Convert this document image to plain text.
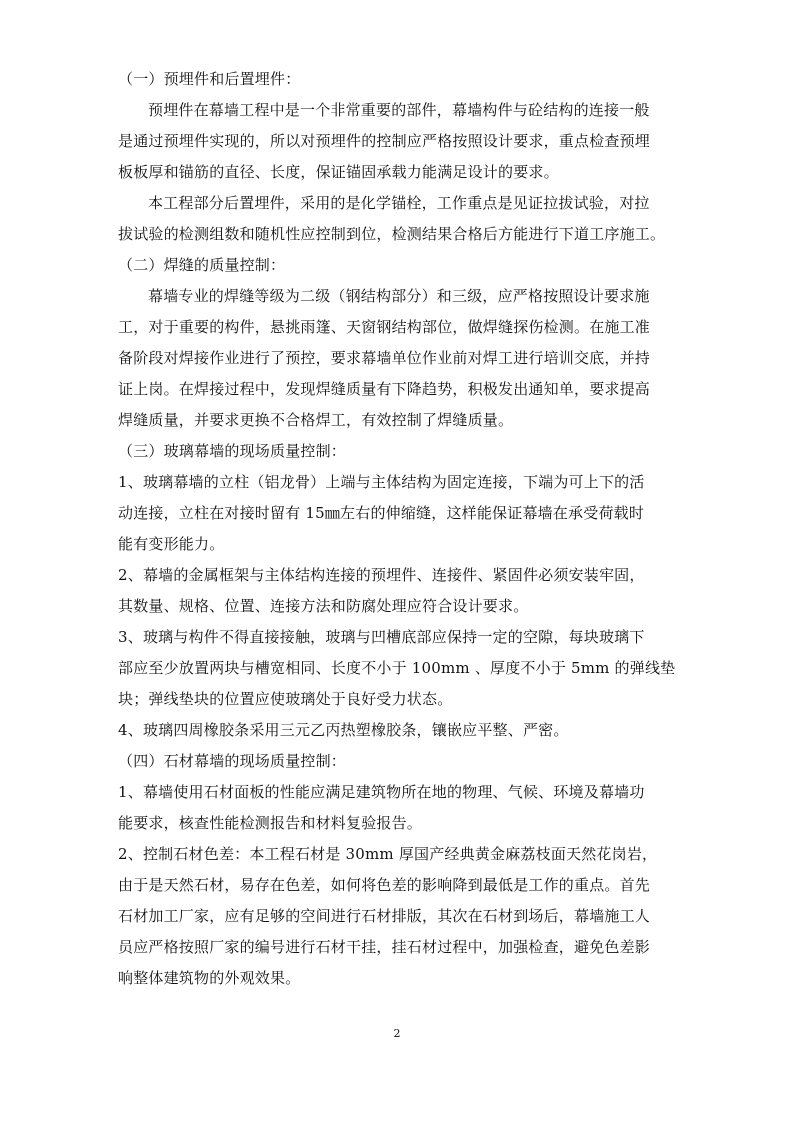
（一）预埋件和后置埋件：
预埋件在幕墙工程中是一个非常重要的部件，幕墙构件与砼结构的连接一般
是通过预埋件实现的，所以对预埋件的控制应严格按照设计要求，重点检查预埋
板板厚和锚筋的直径、长度，保证锚固承载力能满足设计的要求。
本工程部分后置埋件，采用的是化学锚栓，工作重点是见证拉拔试验，对拉
拔试验的检测组数和随机性应控制到位，检测结果合格后方能进行下道工序施工。
（二）焊缝的质量控制：
幕墙专业的焊缝等级为二级（钢结构部分）和三级，应严格按照设计要求施
工，对于重要的构件，悬挑雨篷、天窗钢结构部位，做焊缝探伤检测。在施工准
备阶段对焊接作业进行了预控，要求幕墙单位作业前对焊工进行培训交底，并持
证上岗。在焊接过程中，发现焊缝质量有下降趋势，积极发出通知单，要求提高
焊缝质量，并要求更换不合格焊工，有效控制了焊缝质量。
（三）玻璃幕墙的现场质量控制：
1、玻璃幕墙的立柱（铝龙骨）上端与主体结构为固定连接，下端为可上下的活
动连接，立柱在对接时留有 15㎜左右的伸缩缝，这样能保证幕墙在承受荷载时
能有变形能力。
2、幕墙的金属框架与主体结构连接的预埋件、连接件、紧固件必须安装牢固，
其数量、规格、位置、连接方法和防腐处理应符合设计要求。
3、玻璃与构件不得直接接触，玻璃与凹槽底部应保持一定的空隙，每块玻璃下
部应至少放置两块与槽宽相同、长度不小于 100mm 、厚度不小于 5mm 的弹线垫
块；弹线垫块的位置应使玻璃处于良好受力状态。
4、玻璃四周橡胶条采用三元乙丙热塑橡胶条，镶嵌应平整、严密。
（四）石材幕墙的现场质量控制：
1、幕墙使用石材面板的性能应满足建筑物所在地的物理、气候、环境及幕墙功
能要求，核查性能检测报告和材料复验报告。
2、控制石材色差：本工程石材是 30mm 厚国产经典黄金麻荔枝面天然花岗岩，
由于是天然石材，易存在色差，如何将色差的影响降到最低是工作的重点。首先
石材加工厂家，应有足够的空间进行石材排版，其次在石材到场后，幕墙施工人
员应严格按照厂家的编号进行石材干挂，挂石材过程中，加强检查，避免色差影
响整体建筑物的外观效果。
2
